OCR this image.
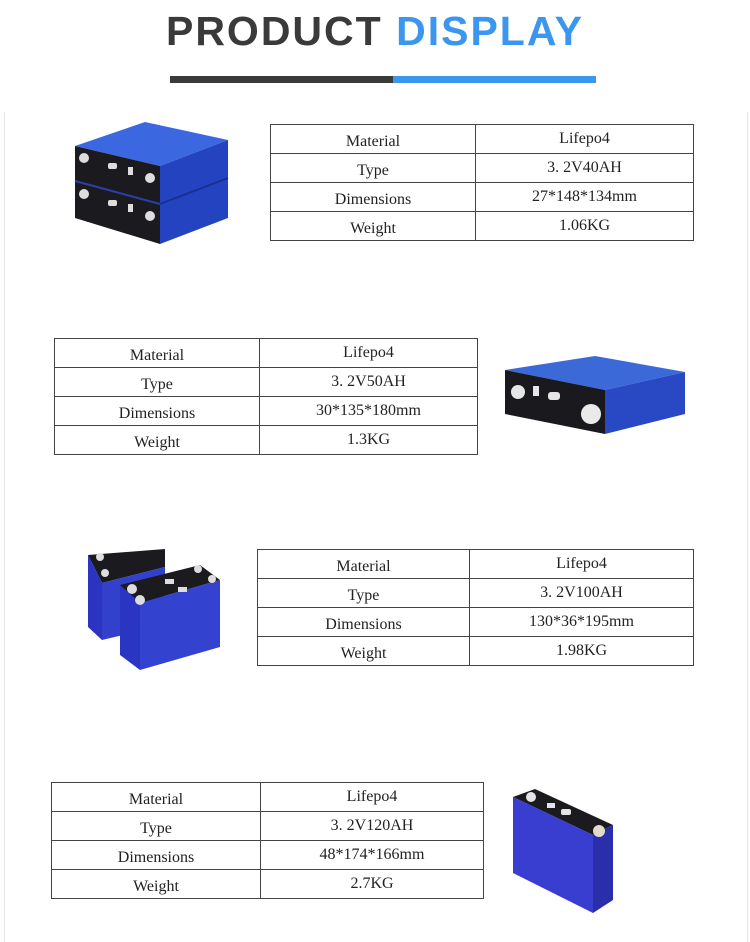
PRODUCT DISPLAY
Material	Lifepo4
Type	3. 2V40AH
Dimensions	27*148*134mm
Weight	1.06KG
Material	Lifepo4
Type	3. 2V50AH
Dimensions	30*135*180mm
Weight	1.3KG
Material	Lifepo4
Type	3. 2V100AH
Dimensions	130*36*195mm
Weight	1.98KG
Material	Lifepo4
Type	3. 2V120AH
Dimensions	48*174*166mm
Weight	2.7KG
